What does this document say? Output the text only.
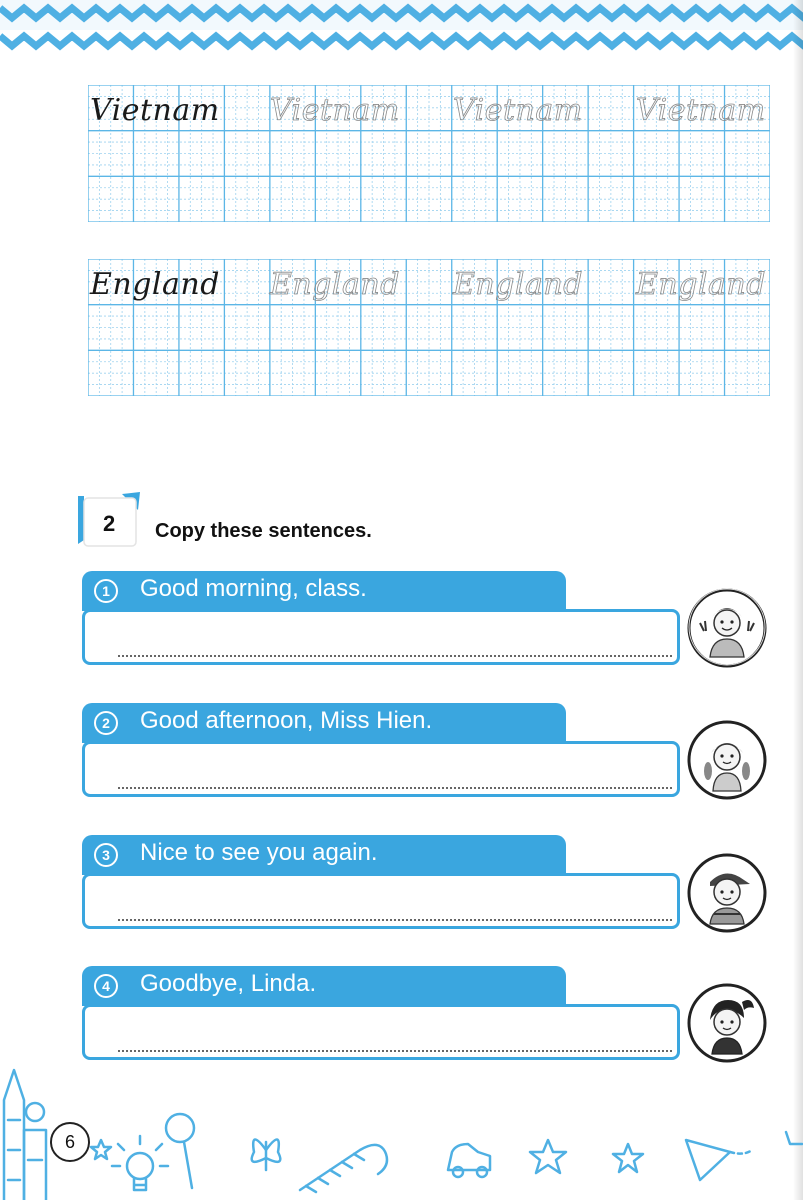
Vietnam Vietnam Vietnam Vietnam
England England England England
2 Copy these sentences.
1	Good morning, class.
2	Good afternoon, Miss Hien.
3	Nice to see you again.
4	Goodbye, Linda.
6
